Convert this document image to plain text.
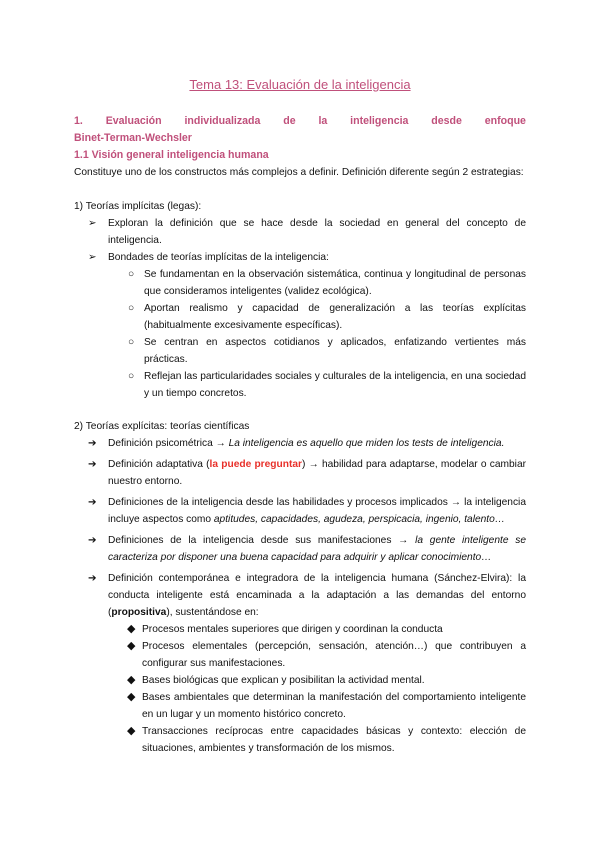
Tema 13: Evaluación de la inteligencia
1. Evaluación individualizada de la inteligencia desde enfoque
Binet-Terman-Wechsler
1.1 Visión general inteligencia humana
Constituye uno de los constructos más complejos a definir. Definición diferente según 2 estrategias:
1) Teorías implícitas (legas):
➢ Exploran la definición que se hace desde la sociedad en general del concepto de inteligencia.
➢ Bondades de teorías implícitas de la inteligencia:
○ Se fundamentan en la observación sistemática, continua y longitudinal de personas que consideramos inteligentes (validez ecológica).
○ Aportan realismo y capacidad de generalización a las teorías explícitas (habitualmente excesivamente específicas).
○ Se centran en aspectos cotidianos y aplicados, enfatizando vertientes más prácticas.
○ Reflejan las particularidades sociales y culturales de la inteligencia, en una sociedad y un tiempo concretos.
2) Teorías explícitas: teorías científicas
➔ Definición psicométrica → La inteligencia es aquello que miden los tests de inteligencia.
➔ Definición adaptativa (la puede preguntar) → habilidad para adaptarse, modelar o cambiar nuestro entorno.
➔ Definiciones de la inteligencia desde las habilidades y procesos implicados → la inteligencia incluye aspectos como aptitudes, capacidades, agudeza, perspicacia, ingenio, talento…
➔ Definiciones de la inteligencia desde sus manifestaciones → la gente inteligente se caracteriza por disponer una buena capacidad para adquirir y aplicar conocimiento…
➔ Definición contemporánea e integradora de la inteligencia humana (Sánchez-Elvira): la conducta inteligente está encaminada a la adaptación a las demandas del entorno (propositiva), sustentándose en:
◆ Procesos mentales superiores que dirigen y coordinan la conducta
◆ Procesos elementales (percepción, sensación, atención…) que contribuyen a configurar sus manifestaciones.
◆ Bases biológicas que explican y posibilitan la actividad mental.
◆ Bases ambientales que determinan la manifestación del comportamiento inteligente en un lugar y un momento histórico concreto.
◆ Transacciones recíprocas entre capacidades básicas y contexto: elección de situaciones, ambientes y transformación de los mismos.
